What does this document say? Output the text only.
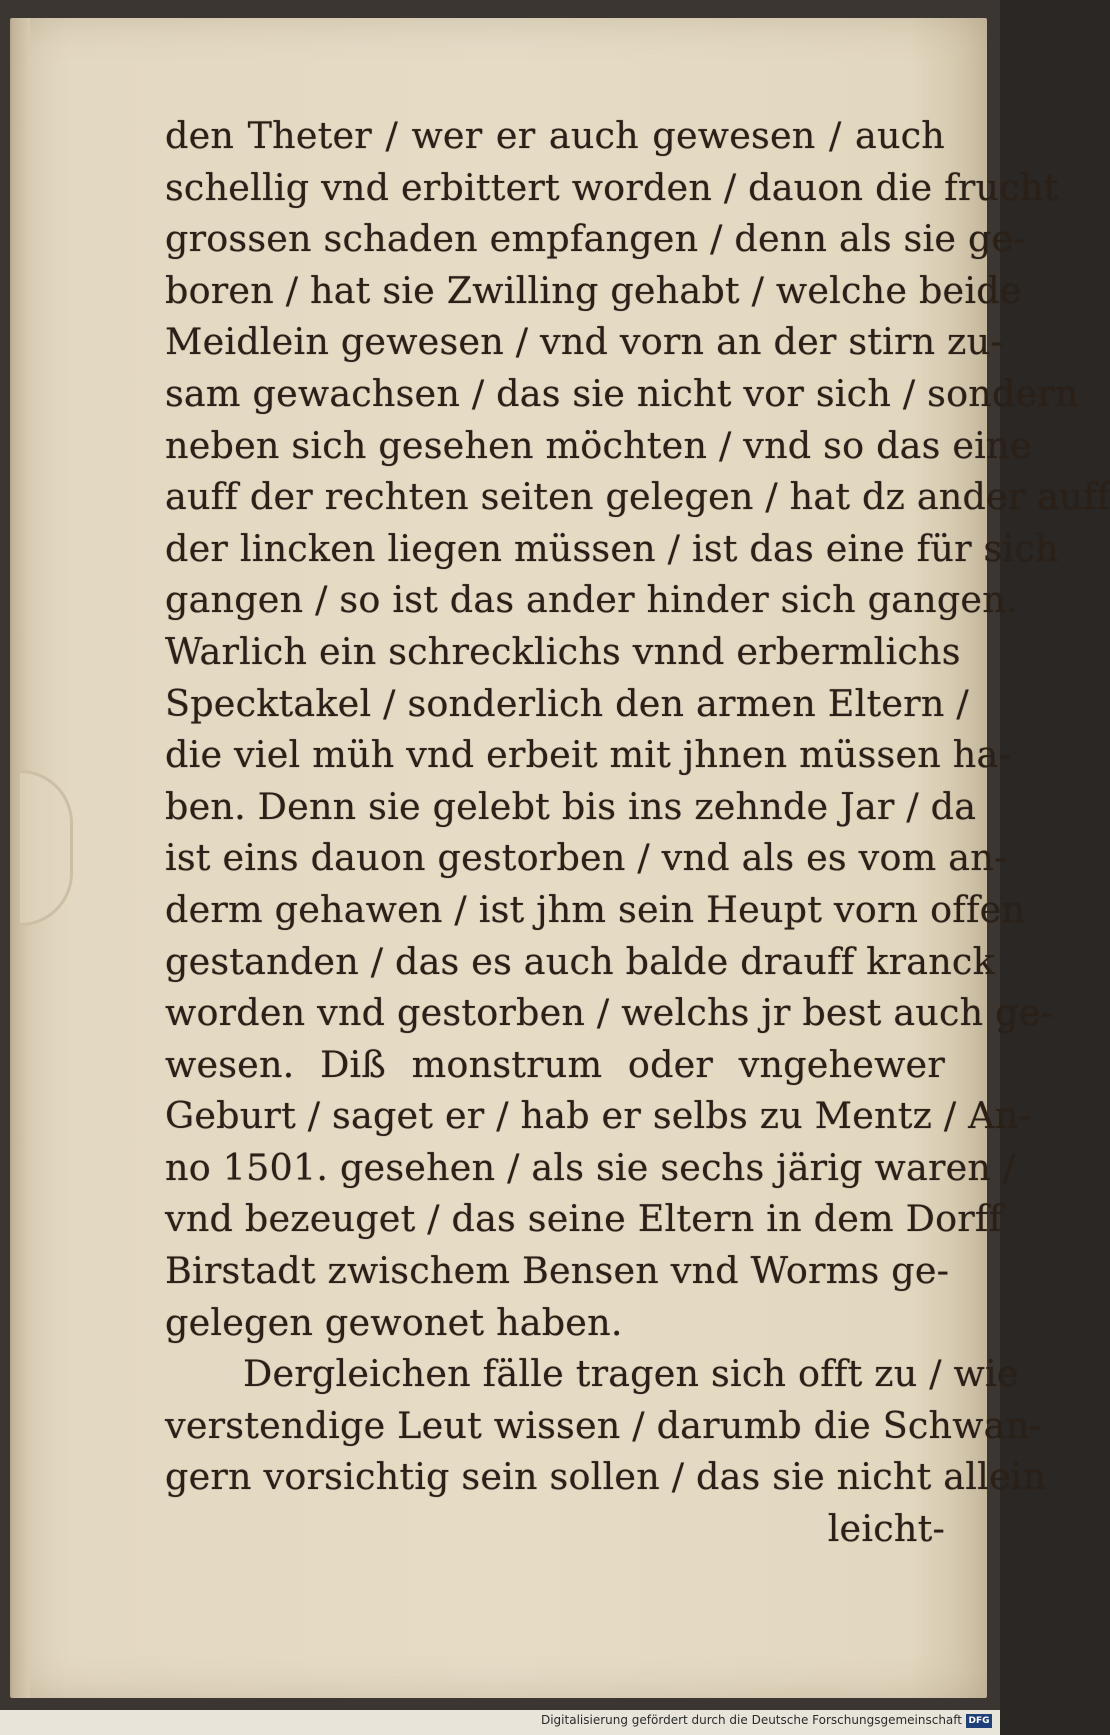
den Theter / wer er auch gewesen / auch
schellig vnd erbittert worden / dauon die frucht
grossen schaden empfangen / denn als sie ge-
boren / hat sie Zwilling gehabt / welche beide
Meidlein gewesen / vnd vorn an der stirn zu-
sam gewachsen / das sie nicht vor sich / sondern
neben sich gesehen möchten / vnd so das eine
auff der rechten seiten gelegen / hat dz ander auff
der lincken liegen müssen / ist das eine für sich
gangen / so ist das ander hinder sich gangen.
Warlich ein schrecklichs vnnd erbermlichs
Specktakel / sonderlich den armen Eltern /
die viel müh vnd erbeit mit jhnen müssen ha-
ben. Denn sie gelebt bis ins zehnde Jar / da
ist eins dauon gestorben / vnd als es vom an-
derm gehawen / ist jhm sein Heupt vorn offen
gestanden / das es auch balde drauff kranck
worden vnd gestorben / welchs jr best auch ge-
wesen. Diß monstrum oder vngehewer
Geburt / saget er / hab er selbs zu Mentz / An-
no 1501. gesehen / als sie sechs järig waren /
vnd bezeuget / das seine Eltern in dem Dorff
Birstadt zwischem Bensen vnd Worms ge-
gelegen gewonet haben.
Dergleichen fälle tragen sich offt zu / wie
verstendige Leut wissen / darumb die Schwan-
gern vorsichtig sein sollen / das sie nicht allein
leicht-
Digitalisierung gefördert durch die Deutsche Forschungsgemeinschaft DFG
